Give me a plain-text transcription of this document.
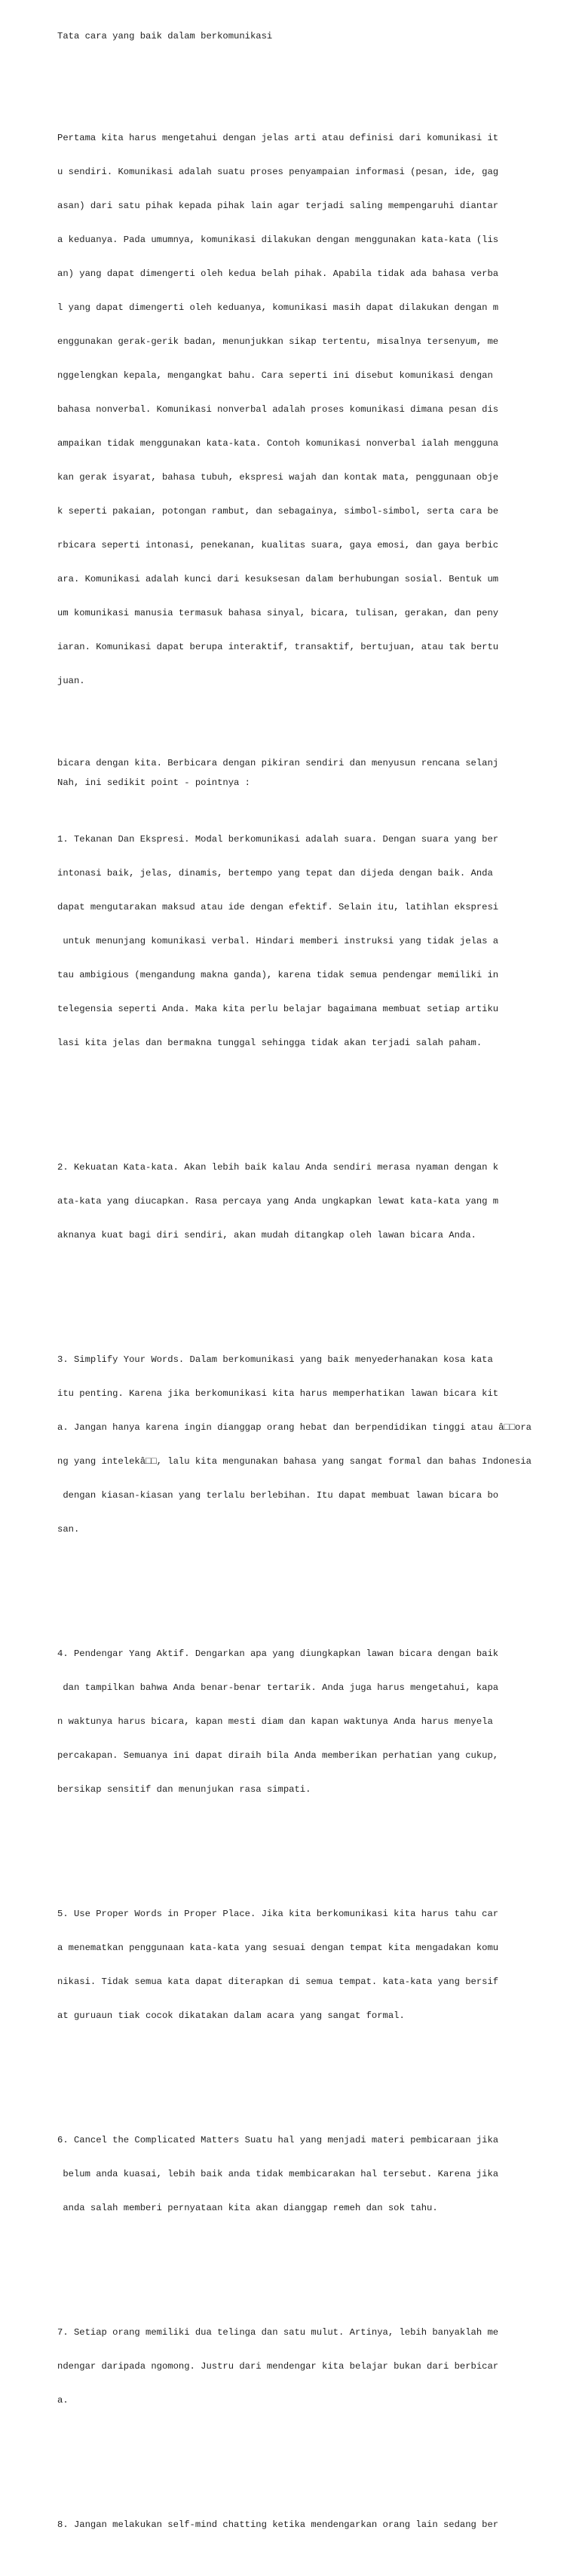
Tata cara yang baik dalam berkomunikasi

Pertama kita harus mengetahui dengan jelas arti atau definisi dari komunikasi it

u sendiri. Komunikasi adalah suatu proses penyampaian informasi (pesan, ide, gag

asan) dari satu pihak kepada pihak lain agar terjadi saling mempengaruhi diantar

a keduanya. Pada umumnya, komunikasi dilakukan dengan menggunakan kata-kata (lis

an) yang dapat dimengerti oleh kedua belah pihak. Apabila tidak ada bahasa verba

l yang dapat dimengerti oleh keduanya, komunikasi masih dapat dilakukan dengan m

enggunakan gerak-gerik badan, menunjukkan sikap tertentu, misalnya tersenyum, me

nggelengkan kepala, mengangkat bahu. Cara seperti ini disebut komunikasi dengan

bahasa nonverbal. Komunikasi nonverbal adalah proses komunikasi dimana pesan dis

ampaikan tidak menggunakan kata-kata. Contoh komunikasi nonverbal ialah mengguna

kan gerak isyarat, bahasa tubuh, ekspresi wajah dan kontak mata, penggunaan obje

k seperti pakaian, potongan rambut, dan sebagainya, simbol-simbol, serta cara be

rbicara seperti intonasi, penekanan, kualitas suara, gaya emosi, dan gaya berbic

ara. Komunikasi adalah kunci dari kesuksesan dalam berhubungan sosial. Bentuk um

um komunikasi manusia termasuk bahasa sinyal, bicara, tulisan, gerakan, dan peny

iaran. Komunikasi dapat berupa interaktif, transaktif, bertujuan, atau tak bertu

juan.

Nah, ini sedikit point - pointnya :

1. Tekanan Dan Ekspresi. Modal berkomunikasi adalah suara. Dengan suara yang ber

intonasi baik, jelas, dinamis, bertempo yang tepat dan dijeda dengan baik. Anda

dapat mengutarakan maksud atau ide dengan efektif. Selain itu, latihlan ekspresi

untuk menunjang komunikasi verbal. Hindari memberi instruksi yang tidak jelas a

tau ambigious (mengandung makna ganda), karena tidak semua pendengar memiliki in

telegensia seperti Anda. Maka kita perlu belajar bagaimana membuat setiap artiku

lasi kita jelas dan bermakna tunggal sehingga tidak akan terjadi salah paham.

2. Kekuatan Kata-kata. Akan lebih baik kalau Anda sendiri merasa nyaman dengan k

ata-kata yang diucapkan. Rasa percaya yang Anda ungkapkan lewat kata-kata yang m

aknanya kuat bagi diri sendiri, akan mudah ditangkap oleh lawan bicara Anda.

3. Simplify Your Words. Dalam berkomunikasi yang baik menyederhanakan kosa kata

itu penting. Karena jika berkomunikasi kita harus memperhatikan lawan bicara kit

a. Jangan hanya karena ingin dianggap orang hebat dan berpendidikan tinggi atau â□□ora

ng yang intelekâ□□, lalu kita mengunakan bahasa yang sangat formal dan bahas Indonesia

dengan kiasan-kiasan yang terlalu berlebihan. Itu dapat membuat lawan bicara bo

san.

4. Pendengar Yang Aktif. Dengarkan apa yang diungkapkan lawan bicara dengan baik

dan tampilkan bahwa Anda benar-benar tertarik. Anda juga harus mengetahui, kapa

n waktunya harus bicara, kapan mesti diam dan kapan waktunya Anda harus menyela

percakapan. Semuanya ini dapat diraih bila Anda memberikan perhatian yang cukup,

bersikap sensitif dan menunjukan rasa simpati.

5. Use Proper Words in Proper Place. Jika kita berkomunikasi kita harus tahu car

a menematkan penggunaan kata-kata yang sesuai dengan tempat kita mengadakan komu

nikasi. Tidak semua kata dapat diterapkan di semua tempat. kata-kata yang bersif

at guruaun tiak cocok dikatakan dalam acara yang sangat formal.

6. Cancel the Complicated Matters Suatu hal yang menjadi materi pembicaraan jika

belum anda kuasai, lebih baik anda tidak membicarakan hal tersebut. Karena jika

anda salah memberi pernyataan kita akan dianggap remeh dan sok tahu.

7. Setiap orang memiliki dua telinga dan satu mulut. Artinya, lebih banyaklah me

ndengar daripada ngomong. Justru dari mendengar kita belajar bukan dari berbicar

a.

8. Jangan melakukan self-mind chatting ketika mendengarkan orang lain sedang ber

bicara dengan kita. Berbicara dengan pikiran sendiri dan menyusun rencana selanj
